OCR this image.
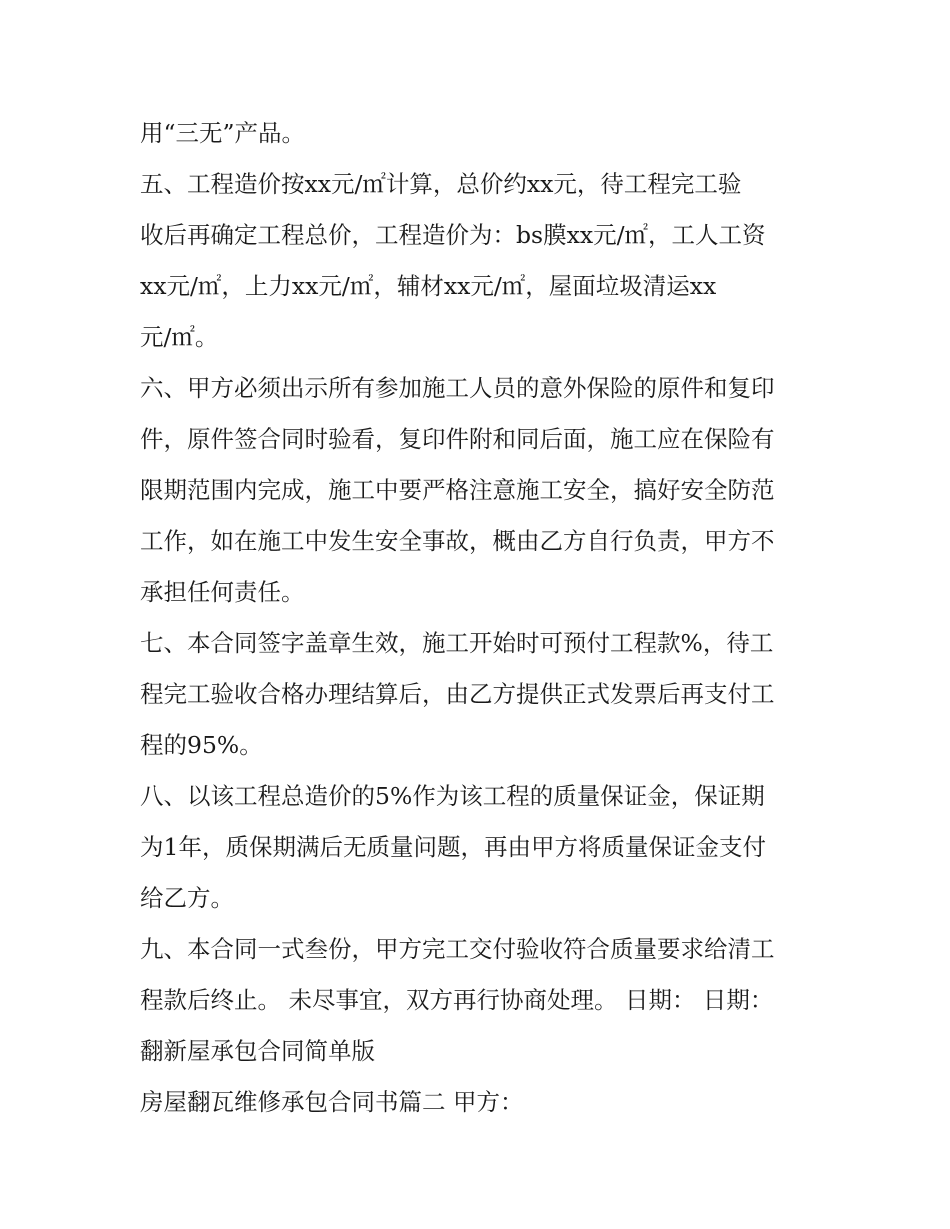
用“三无”产品。
五、工程造价按xx元/㎡计算，总价约xx元，待工程完工验
收后再确定工程总价，工程造价为：bs膜xx元/㎡，工人工资
xx元/㎡，上力xx元/㎡，辅材xx元/㎡，屋面垃圾清运xx
元/㎡。
六、甲方必须出示所有参加施工人员的意外保险的原件和复印
件，原件签合同时验看，复印件附和同后面，施工应在保险有
限期范围内完成，施工中要严格注意施工安全，搞好安全防范
工作，如在施工中发生安全事故，概由乙方自行负责，甲方不
承担任何责任。
七、本合同签字盖章生效，施工开始时可预付工程款%，待工
程完工验收合格办理结算后，由乙方提供正式发票后再支付工
程的95%。
八、以该工程总造价的5%作为该工程的质量保证金，保证期
为1年，质保期满后无质量问题，再由甲方将质量保证金支付
给乙方。
九、本合同一式叁份，甲方完工交付验收符合质量要求给清工
程款后终止。 未尽事宜，双方再行协商处理。 日期： 日期：
翻新屋承包合同简单版
房屋翻瓦维修承包合同书篇二 甲方：
